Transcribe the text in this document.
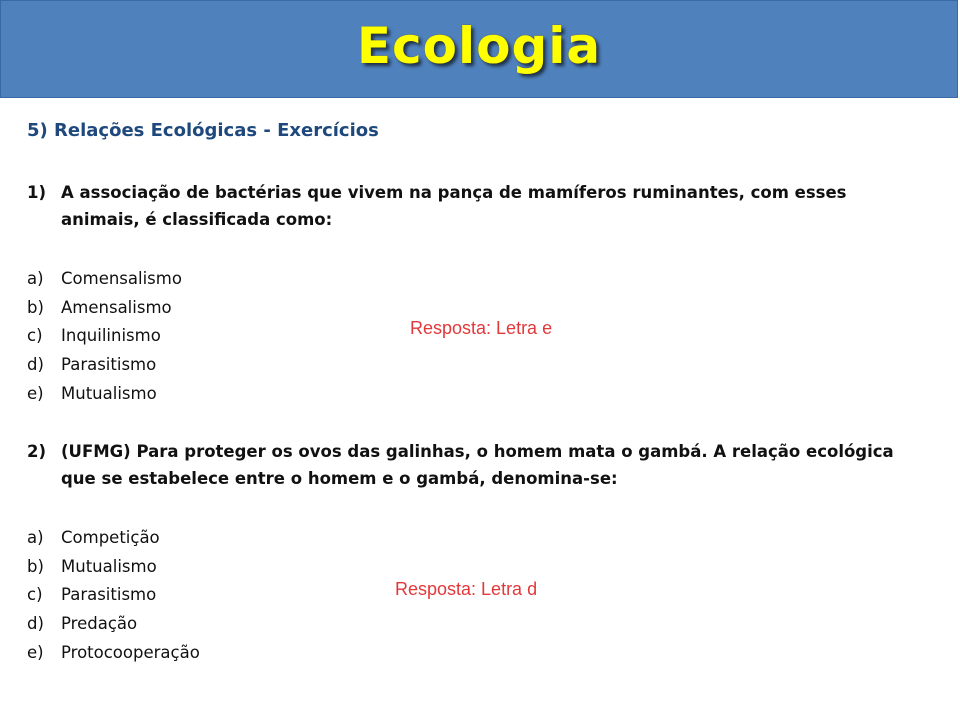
Ecologia
5) Relações Ecológicas - Exercícios
1) A associação de bactérias que vivem na pança de mamíferos ruminantes, com esses animais, é classificada como:
a) Comensalismo
b) Amensalismo
c) Inquilinismo
d) Parasitismo
e) Mutualismo
Resposta: Letra e
2) (UFMG) Para proteger os ovos das galinhas, o homem mata o gambá. A relação ecológica que se estabelece entre o homem e o gambá, denomina-se:
a) Competição
b) Mutualismo
c) Parasitismo
d) Predação
e) Protocooperação
Resposta: Letra d
